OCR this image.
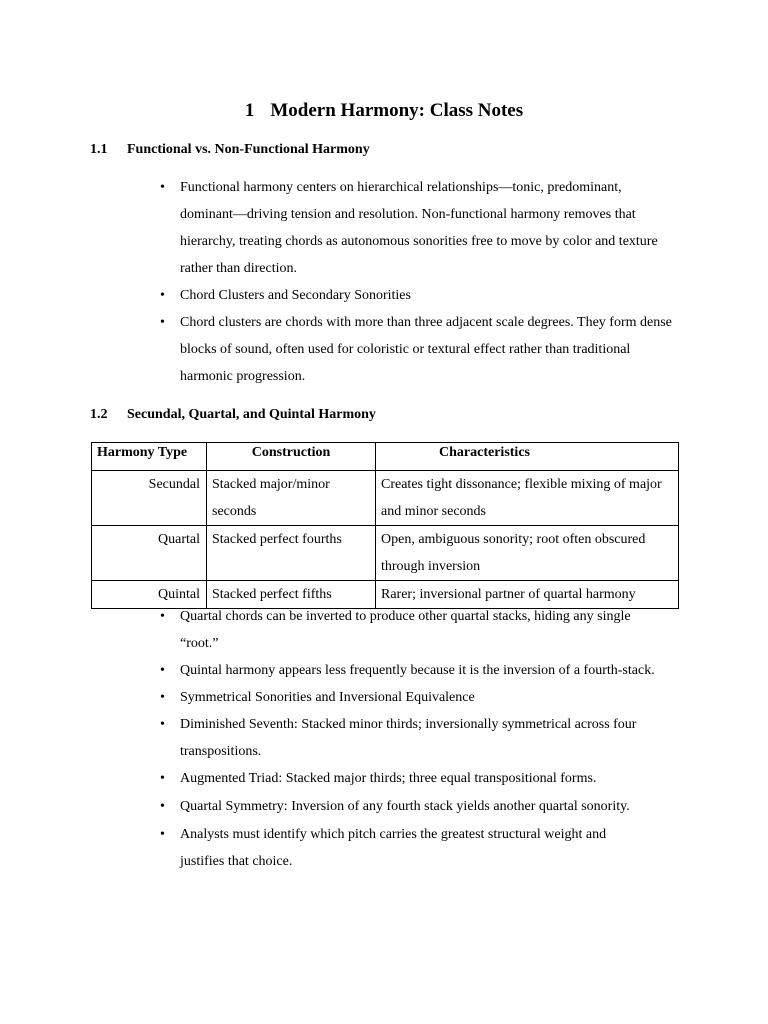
1 Modern Harmony: Class Notes
1.1 Functional vs. Non-Functional Harmony
• Functional harmony centers on hierarchical relationships—tonic, predominant, dominant—driving tension and resolution. Non-functional harmony removes that hierarchy, treating chords as autonomous sonorities free to move by color and texture rather than direction.
• Chord Clusters and Secondary Sonorities
• Chord clusters are chords with more than three adjacent scale degrees. They form dense blocks of sound, often used for coloristic or textural effect rather than traditional harmonic progression.
1.2 Secundal, Quartal, and Quintal Harmony
Harmony Type	Construction	Characteristics
Secundal	Stacked major/minor seconds	Creates tight dissonance; flexible mixing of major and minor seconds
Quartal	Stacked perfect fourths	Open, ambiguous sonority; root often obscured through inversion
Quintal	Stacked perfect fifths	Rarer; inversional partner of quartal harmony
• Quartal chords can be inverted to produce other quartal stacks, hiding any single “root.”
• Quintal harmony appears less frequently because it is the inversion of a fourth-stack.
• Symmetrical Sonorities and Inversional Equivalence
• Diminished Seventh: Stacked minor thirds; inversionally symmetrical across four transpositions.
• Augmented Triad: Stacked major thirds; three equal transpositional forms.
• Quartal Symmetry: Inversion of any fourth stack yields another quartal sonority.
• Analysts must identify which pitch carries the greatest structural weight and justifies that choice.
